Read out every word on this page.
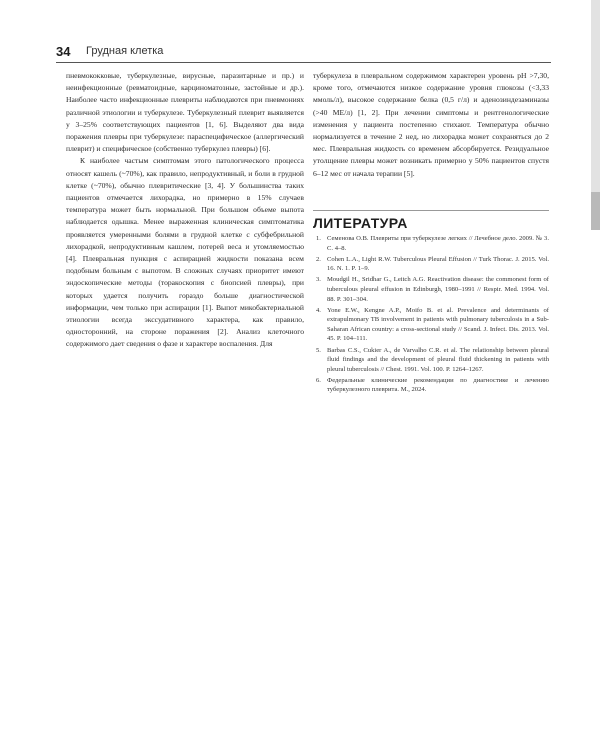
34 Грудная клетка

пневмококковые, туберкулезные, вирусные, паразитарные и пр.) и неинфекционные (ревматоидные, карциноматозные, застойные и др.). Наиболее часто инфекционные плевриты наблюдаются при пневмониях различной этиологии и туберкулезе. Туберкулезный плеврит выявляется у 3–25% соответствующих пациентов [1, 6]. Выделяют два вида поражения плевры при туберкулезе: парaспецифическое (аллергический плеврит) и специфическое (собственно туберкулез плевры) [6].

К наиболее частым симптомам этого патологического процесса относят кашель (~70%), как правило, непродуктивный, и боли в грудной клетке (~70%), обычно плевритические [3, 4]. У большинства таких пациентов отмечается лихорадка, но примерно в 15% случаев температура может быть нормальной. При большом объеме выпота наблюдается одышка. Менее выраженная клиническая симптоматика проявляется умеренными болями в грудной клетке с субфебрильной лихорадкой, непродуктивным кашлем, потерей веса и утомляемостью [4]. Плевральная пункция с аспирацией жидкости показана всем подобным больным с выпотом. В сложных случаях приоритет имеют эндоскопические методы (торакоскопия с биопсией плевры), при которых удается получить гораздо больше диагностической информации, чем только при аспирации [1]. Выпот микобактериальной этиологии всегда экссудативного характера, как правило, односторонний, на стороне поражения [2]. Анализ клеточного содержимого дает сведения о фазе и характере воспаления. Для

туберкулеза в плевральном содержимом характерен уровень pH >7,30, кроме того, отмечаются низкое содержание уровня глюкозы (<3,33 ммоль/л), высокое содержание белка (0,5 г/л) и аденозиндезаминазы (>40 МЕ/л) [1, 2]. При лечении симптомы и рентгенологические изменения у пациента постепенно стихают. Температура обычно нормализуется в течение 2 нед, но лихорадка может сохраняться до 2 мес. Плевральная жидкость со временем абсорбируется. Резидуальное утолщение плевры может возникать примерно у 50% пациентов спустя 6–12 мес от начала терапии [5].

ЛИТЕРАТУРА
1. Семенова О.В. Плевриты при туберкулезе легких // Лечебное дело. 2009. № 3. С. 4–8.
2. Cohen L.A., Light R.W. Tuberculous Pleural Effusion // Turk Thorac. J. 2015. Vol. 16. N. 1. P. 1–9.
3. Moudgil H., Sridhar G., Leitch A.G. Reactivation disease: the commonest form of tuberculous pleural effusion in Edinburgh, 1980–1991 // Respir. Med. 1994. Vol. 88. P. 301–304.
4. Yone E.W., Kengne A.P., Moifo B. et al. Prevalence and determinants of extrapulmonary TB involvement in patients with pulmonary tuberculosis in a Sub-Saharan African country: a cross-sectional study // Scand. J. Infect. Dis. 2013. Vol. 45. P. 104–111.
5. Barbas C.S., Cukier A., de Varvalho C.R. et al. The relationship between pleural fluid findings and the development of pleural fluid thickening in patients with pleural tuberculosis // Chest. 1991. Vol. 100. P. 1264–1267.
6. Федеральные клинические рекомендации по диагностике и лечению туберкулезного плеврита. М., 2024.
